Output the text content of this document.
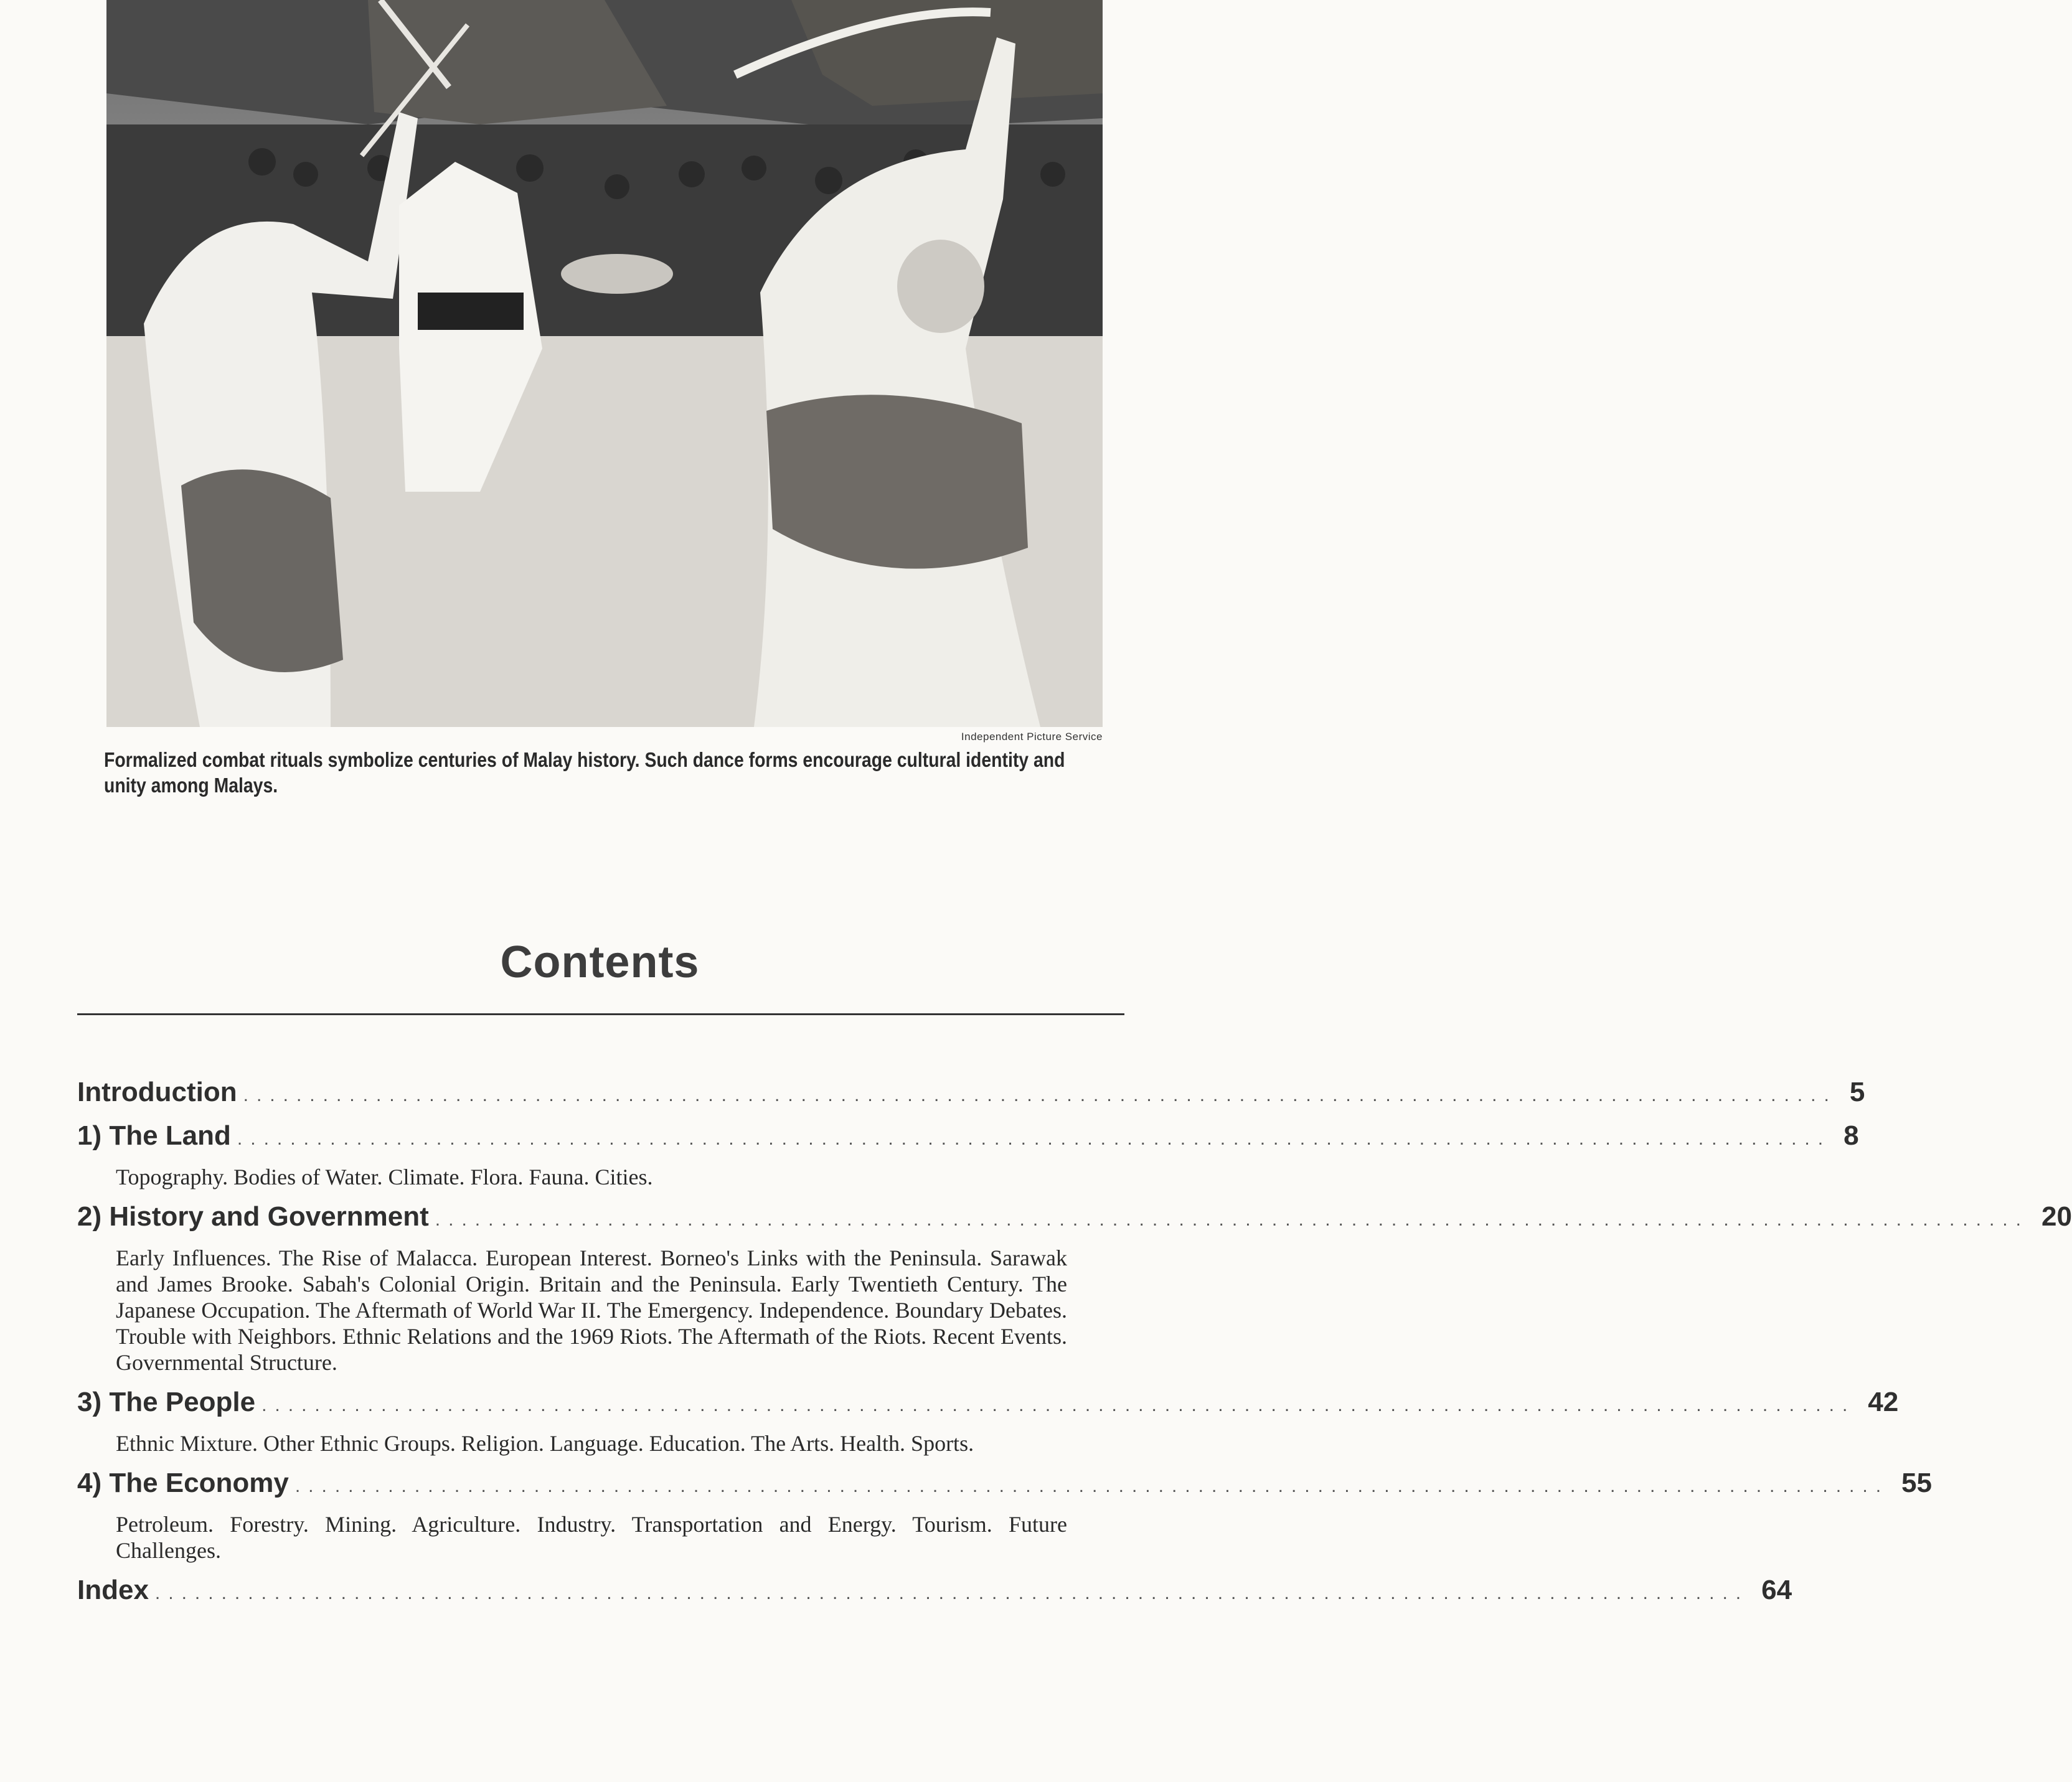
Independent Picture Service
Formalized combat rituals symbolize centuries of Malay history. Such dance forms encourage cultural identity and unity among Malays.
Contents
Introduction ........................................................................................................................ 5
1) The Land ........................................................................................................................ 8
Topography. Bodies of Water. Climate. Flora. Fauna. Cities.
2) History and Government ........................................................................................................................ 20
Early Influences. The Rise of Malacca. European Interest. Borneo's Links with the Peninsula. Sarawak and James Brooke. Sabah's Colonial Origin. Britain and the Peninsula. Early Twentieth Century. The Japanese Occupation. The Aftermath of World War II. The Emergency. Independence. Boundary Debates. Trouble with Neighbors. Ethnic Relations and the 1969 Riots. The Aftermath of the Riots. Recent Events. Governmental Structure.
3) The People ........................................................................................................................ 42
Ethnic Mixture. Other Ethnic Groups. Religion. Language. Education. The Arts. Health. Sports.
4) The Economy ........................................................................................................................ 55
Petroleum. Forestry. Mining. Agriculture. Industry. Transportation and Energy. Tourism. Future Challenges.
Index ........................................................................................................................ 64
